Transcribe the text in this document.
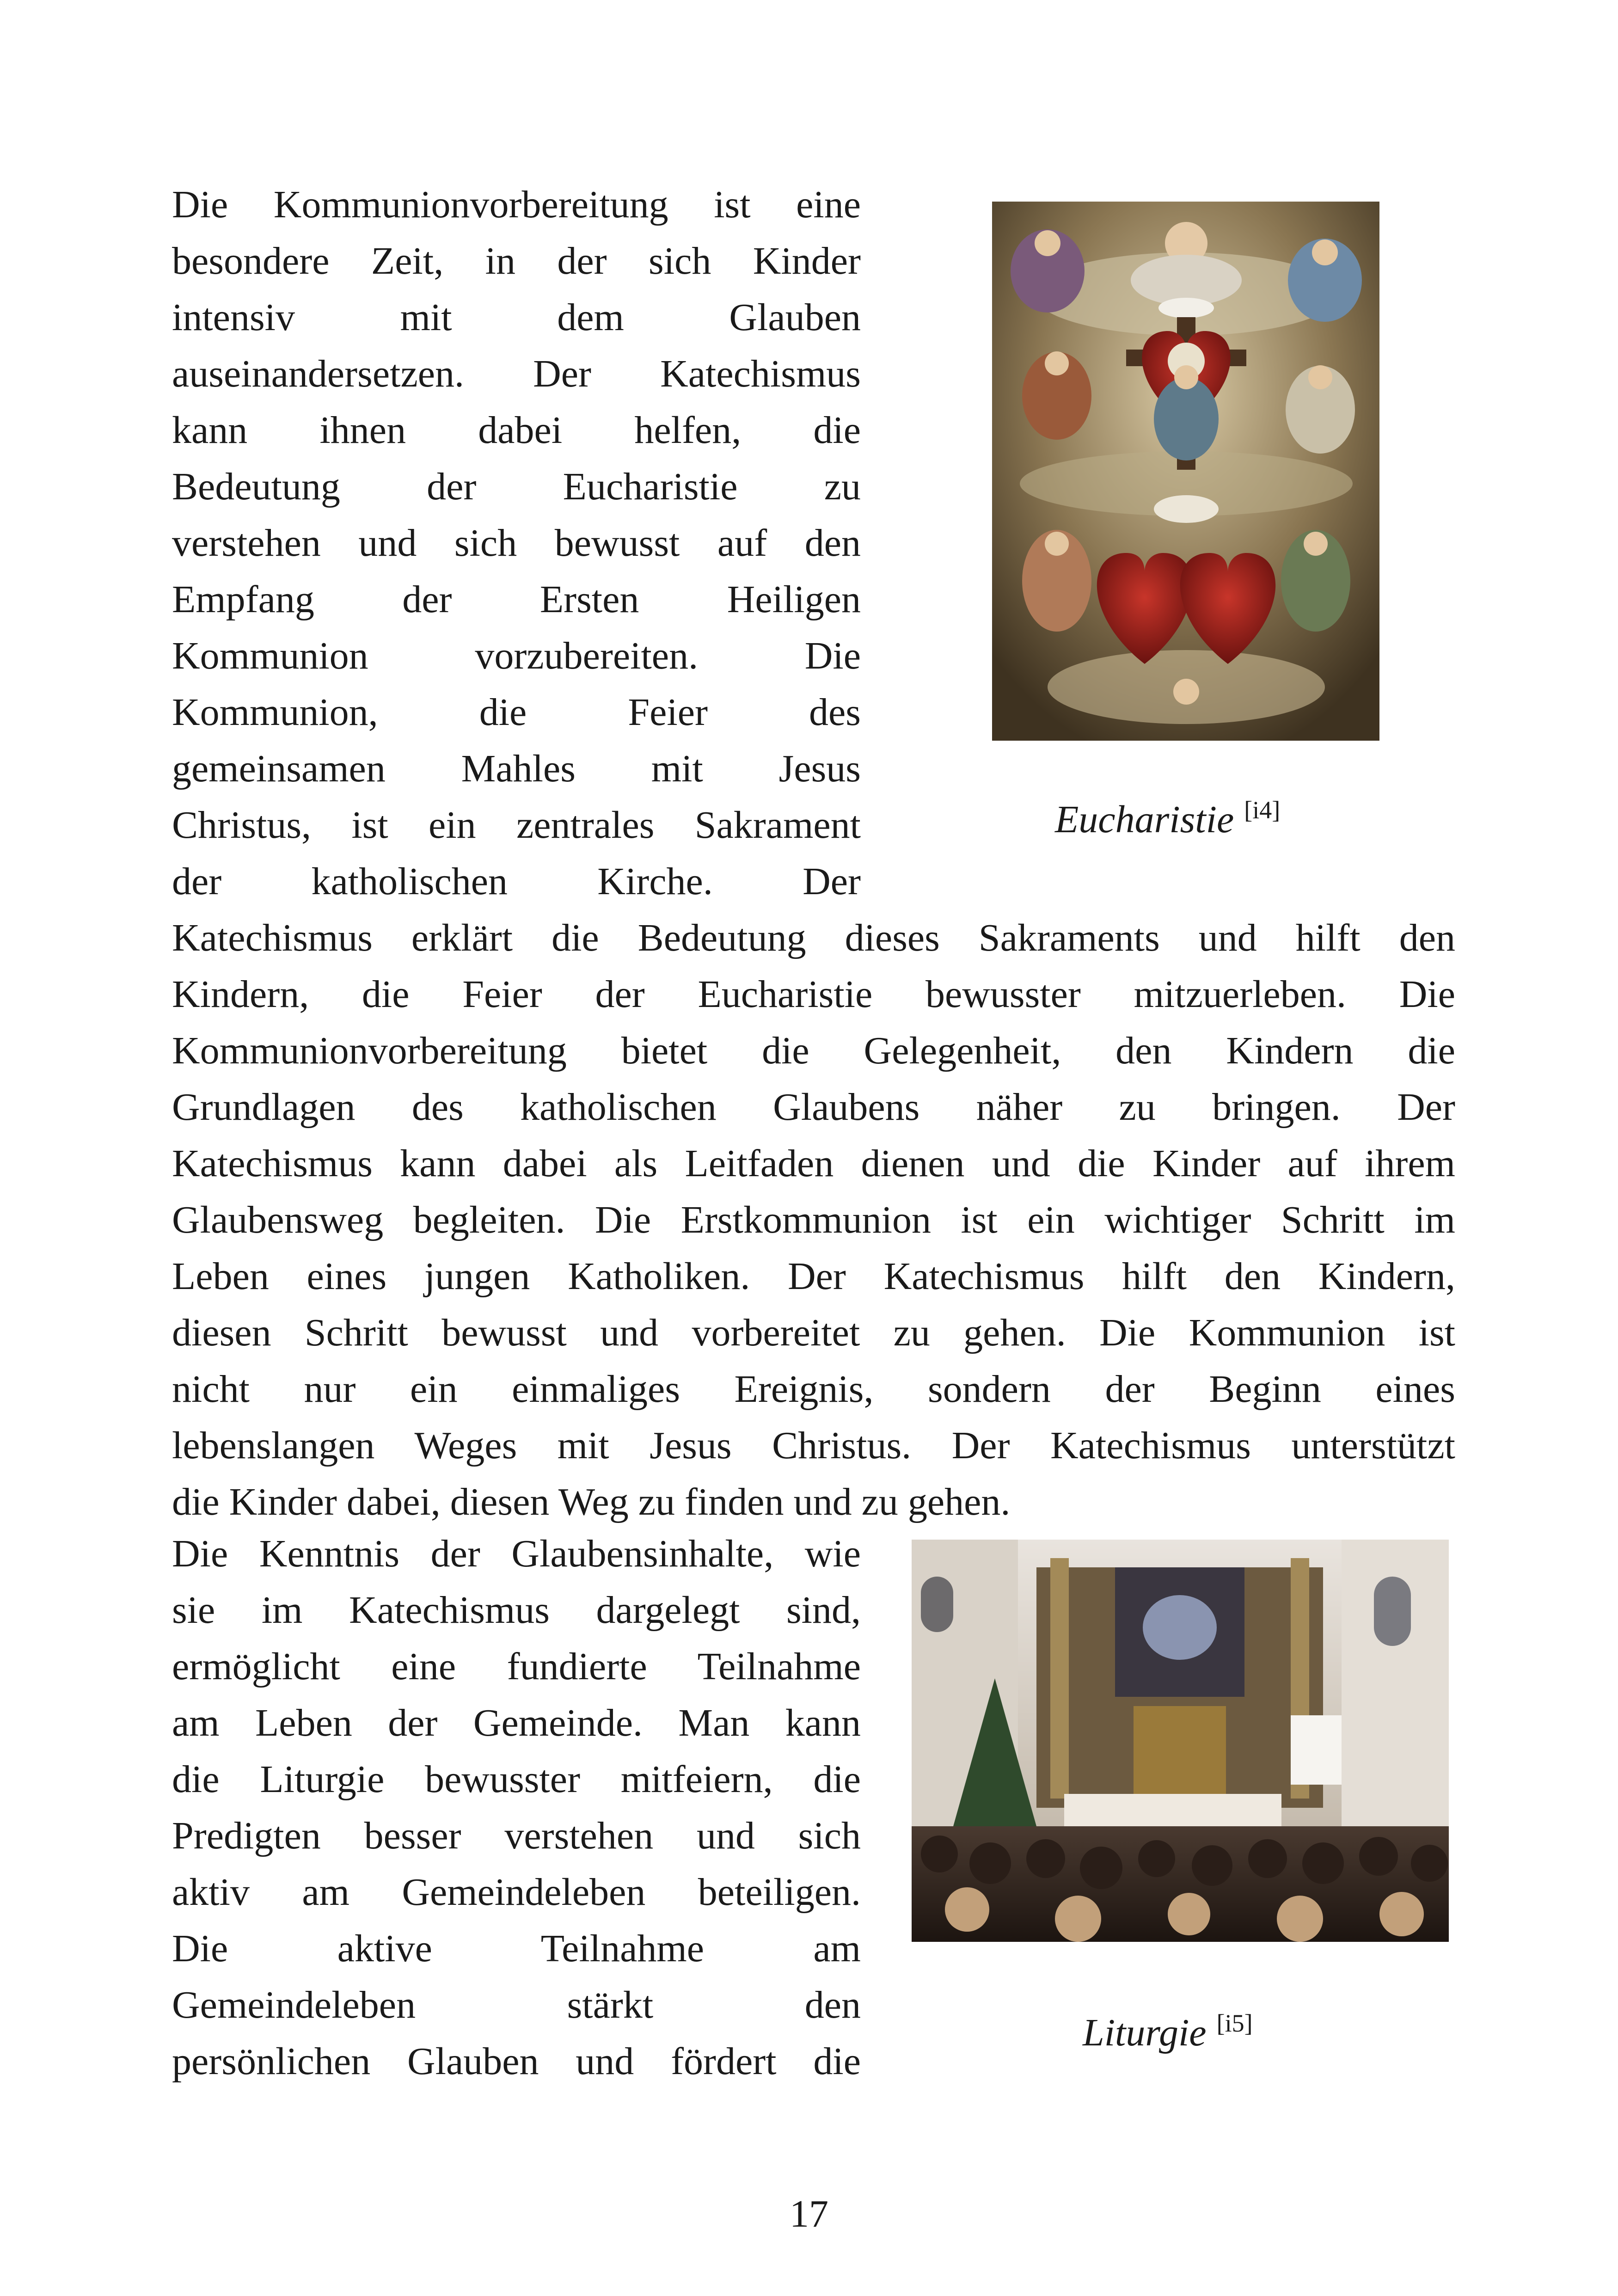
Die Kommunionvorbereitung ist eine
besondere Zeit, in der sich Kinder
intensiv mit dem Glauben
auseinandersetzen. Der Katechismus
kann ihnen dabei helfen, die
Bedeutung der Eucharistie zu
verstehen und sich bewusst auf den
Empfang der Ersten Heiligen
Kommunion vorzubereiten. Die
Kommunion, die Feier des
gemeinsamen Mahles mit Jesus
Christus, ist ein zentrales Sakrament
der katholischen Kirche. Der
Katechismus erklärt die Bedeutung dieses Sakraments und hilft den
Kindern, die Feier der Eucharistie bewusster mitzuerleben. Die
Kommunionvorbereitung bietet die Gelegenheit, den Kindern die
Grundlagen des katholischen Glaubens näher zu bringen. Der
Katechismus kann dabei als Leitfaden dienen und die Kinder auf ihrem
Glaubensweg begleiten. Die Erstkommunion ist ein wichtiger Schritt im
Leben eines jungen Katholiken. Der Katechismus hilft den Kindern,
diesen Schritt bewusst und vorbereitet zu gehen. Die Kommunion ist
nicht nur ein einmaliges Ereignis, sondern der Beginn eines
lebenslangen Weges mit Jesus Christus. Der Katechismus unterstützt
die Kinder dabei, diesen Weg zu finden und zu gehen.
Die Kenntnis der Glaubensinhalte, wie
sie im Katechismus dargelegt sind,
ermöglicht eine fundierte Teilnahme
am Leben der Gemeinde. Man kann
die Liturgie bewusster mitfeiern, die
Predigten besser verstehen und sich
aktiv am Gemeindeleben beteiligen.
Die aktive Teilnahme am
Gemeindeleben stärkt den
persönlichen Glauben und fördert die
Eucharistie [i4]
Liturgie [i5]
17
